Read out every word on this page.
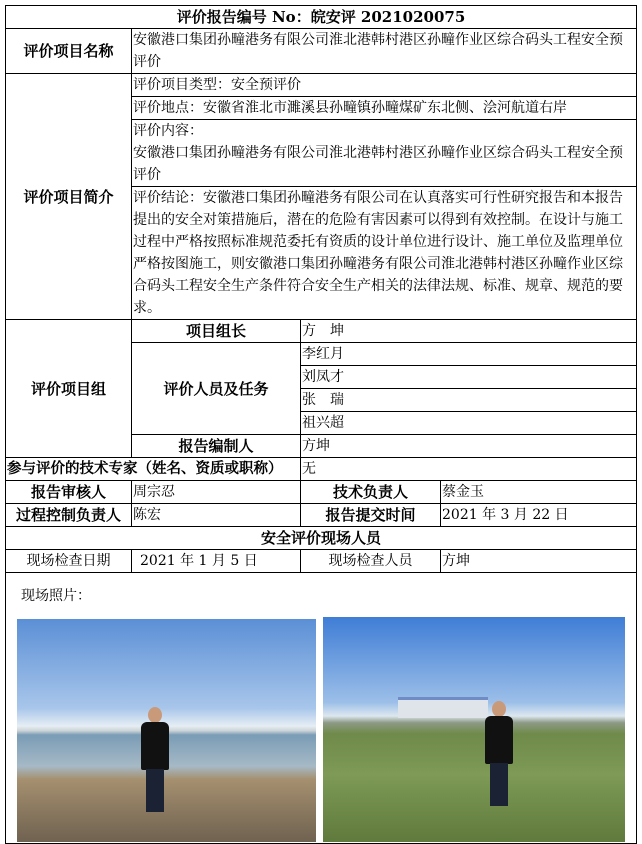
评价报告编号 No：皖安评 2021020075			
评价项目名称	安徽港口集团孙疃港务有限公司淮北港韩村港区孙疃作业区综合码头工程安全预评价		
评价项目简介	评价项目类型：安全预评价		
	评价地点：安徽省淮北市濉溪县孙疃镇孙疃煤矿东北侧、浍河航道右岸		

	评价内容：
安徽港口集团孙疃港务有限公司淮北港韩村港区孙疃作业区综合码头工程安全预评价		

	评价结论：安徽港口集团孙疃港务有限公司在认真落实可行性研究报告和本报告提出的安全对策措施后，潜在的危险有害因素可以得到有效控制。在设计与施工过程中严格按照标准规范委托有资质的设计单位进行设计、施工单位及监理单位严格按图施工，则安徽港口集团孙疃港务有限公司淮北港韩村港区孙疃作业区综合码头工程安全生产条件符合安全生产相关的法律法规、标准、规章、规范的要求。		
评价项目组	项目组长	方　坤	
	评价人员及任务	李红月	
		刘凤才	
		张　瑞	
		祖兴超	
	报告编制人	方坤	
参与评价的技术专家（姓名、资质或职称）		无	
报告审核人	周宗忍	技术负责人	蔡金玉
过程控制负责人	陈宏	报告提交时间	2021 年 3 月 22 日
安全评价现场人员			
现场检查日期	2021 年 1 月 5 日	现场检查人员	方坤

现场照片：			
